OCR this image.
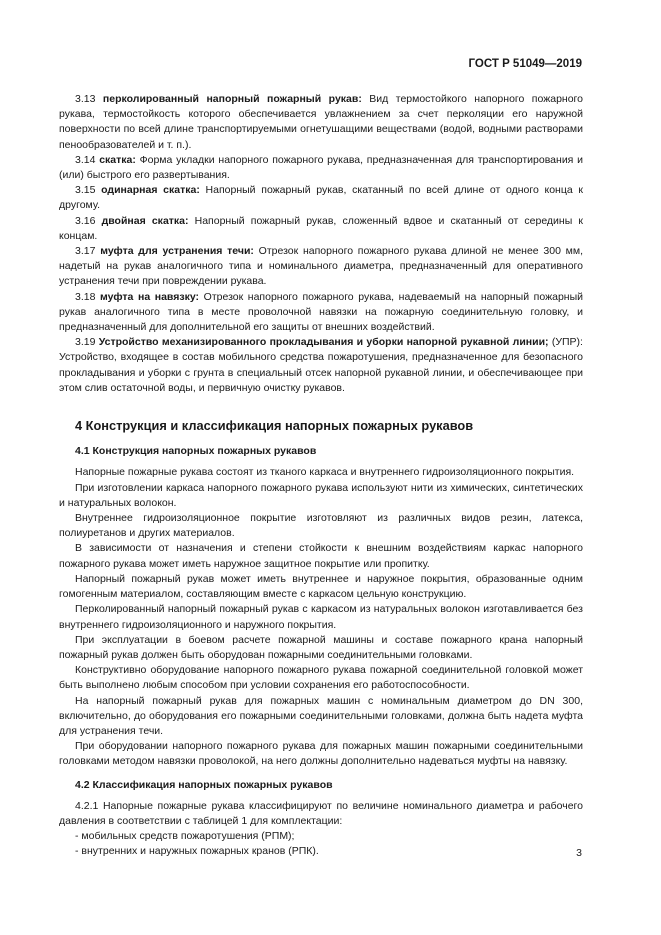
ГОСТ Р 51049—2019

3.13 перколированный напорный пожарный рукав: Вид термостойкого напорного пожарного рукава, термостойкость которого обеспечивается увлажнением за счет перколяции его наружной поверхности по всей длине транспортируемыми огнетушащими веществами (водой, водными растворами пенообразователей и т. п.).

3.14 скатка: Форма укладки напорного пожарного рукава, предназначенная для транспортирования и (или) быстрого его развертывания.

3.15 одинарная скатка: Напорный пожарный рукав, скатанный по всей длине от одного конца к другому.

3.16 двойная скатка: Напорный пожарный рукав, сложенный вдвое и скатанный от середины к концам.

3.17 муфта для устранения течи: Отрезок напорного пожарного рукава длиной не менее 300 мм, надетый на рукав аналогичного типа и номинального диаметра, предназначенный для оперативного устранения течи при повреждении рукава.

3.18 муфта на навязку: Отрезок напорного пожарного рукава, надеваемый на напорный пожарный рукав аналогичного типа в месте проволочной навязки на пожарную соединительную головку, и предназначенный для дополнительной его защиты от внешних воздействий.

3.19 Устройство механизированного прокладывания и уборки напорной рукавной линии; (УПР): Устройство, входящее в состав мобильного средства пожаротушения, предназначенное для безопасного прокладывания и уборки с грунта в специальный отсек напорной рукавной линии, и обеспечивающее при этом слив остаточной воды, и первичную очистку рукавов.

4 Конструкция и классификация напорных пожарных рукавов
4.1 Конструкция напорных пожарных рукавов

Напорные пожарные рукава состоят из тканого каркаса и внутреннего гидроизоляционного покрытия.

При изготовлении каркаса напорного пожарного рукава используют нити из химических, синтетических и натуральных волокон.

Внутреннее гидроизоляционное покрытие изготовляют из различных видов резин, латекса, полиуретанов и других материалов.

В зависимости от назначения и степени стойкости к внешним воздействиям каркас напорного пожарного рукава может иметь наружное защитное покрытие или пропитку.

Напорный пожарный рукав может иметь внутреннее и наружное покрытия, образованные одним гомогенным материалом, составляющим вместе с каркасом цельную конструкцию.

Перколированный напорный пожарный рукав с каркасом из натуральных волокон изготавливается без внутреннего гидроизоляционного и наружного покрытия.

При эксплуатации в боевом расчете пожарной машины и составе пожарного крана напорный пожарный рукав должен быть оборудован пожарными соединительными головками.

Конструктивно оборудование напорного пожарного рукава пожарной соединительной головкой может быть выполнено любым способом при условии сохранения его работоспособности.

На напорный пожарный рукав для пожарных машин с номинальным диаметром до DN 300, включительно, до оборудования его пожарными соединительными головками, должна быть надета муфта для устранения течи.

При оборудовании напорного пожарного рукава для пожарных машин пожарными соединительными головками методом навязки проволокой, на него должны дополнительно надеваться муфты на навязку.

4.2 Классификация напорных пожарных рукавов

4.2.1 Напорные пожарные рукава классифицируют по величине номинального диаметра и рабочего давления в соответствии с таблицей 1 для комплектации:

- мобильных средств пожаротушения (РПМ);
- внутренних и наружных пожарных кранов (РПК).	3
